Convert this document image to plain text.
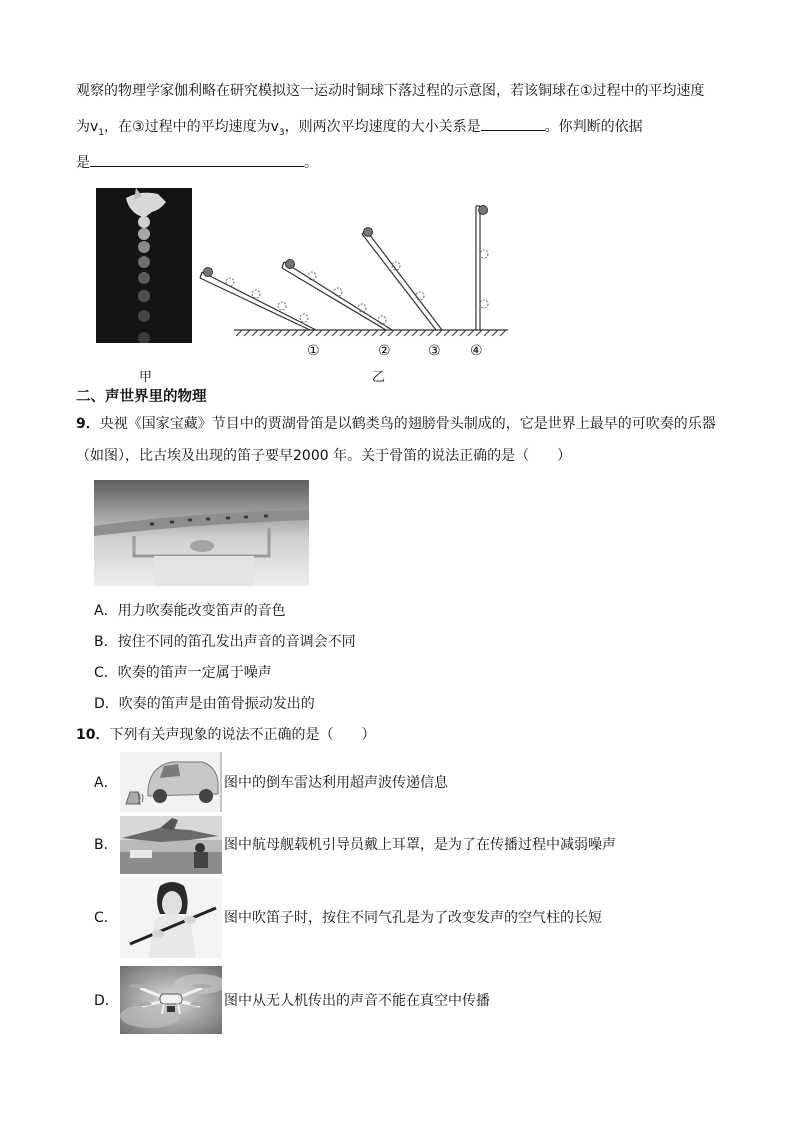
观察的物理学家伽利略在研究模拟这一运动时铜球下落过程的示意图，若该铜球在①过程中的平均速度
为$v_1$，在③过程中的平均速度为$v_3$，则两次平均速度的大小关系是	。你判断的依据
是	。
甲
①	②	③ ④
乙
二、声世界里的物理
9．央视《国家宝藏》节目中的贾湖骨笛是以鹤类鸟的翅膀骨头制成的，它是世界上最早的可吹奏的乐器
（如图），比古埃及出现的笛子要早2000 年。关于骨笛的说法正确的是（　　）
A．用力吹奏能改变笛声的音色
B．按住不同的笛孔发出声音的音调会不同
C．吹奏的笛声一定属于噪声
D．吹奏的笛声是由笛骨振动发出的
10．下列有关声现象的说法不正确的是（　　）
A．	图中的倒车雷达利用超声波传递信息
B．	图中航母舰载机引导员戴上耳罩，是为了在传播过程中减弱噪声
C．	图中吹笛子时，按住不同气孔是为了改变发声的空气柱的长短
D．	图中从无人机传出的声音不能在真空中传播
